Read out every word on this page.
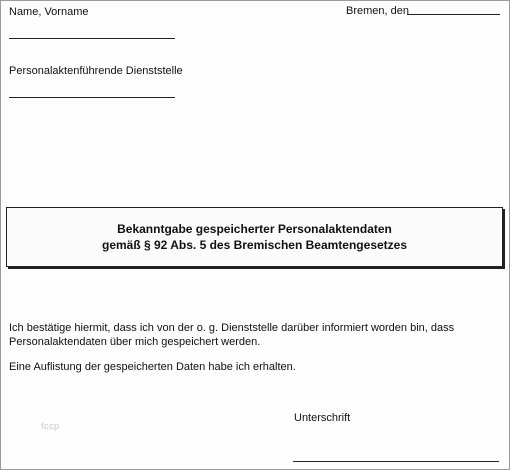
Name, Vorname	Bremen, den
Personalaktenführende Dienststelle
Bekanntgabe gespeicherter Personalaktendaten
gemäß § 92 Abs. 5 des Bremischen Beamtengesetzes
Ich bestätige hiermit, dass ich von der o. g. Dienststelle darüber informiert worden bin, dass
Personalaktendaten über mich gespeichert werden.
Eine Auflistung der gespeicherten Daten habe ich erhalten.
Unterschrift
fccp
